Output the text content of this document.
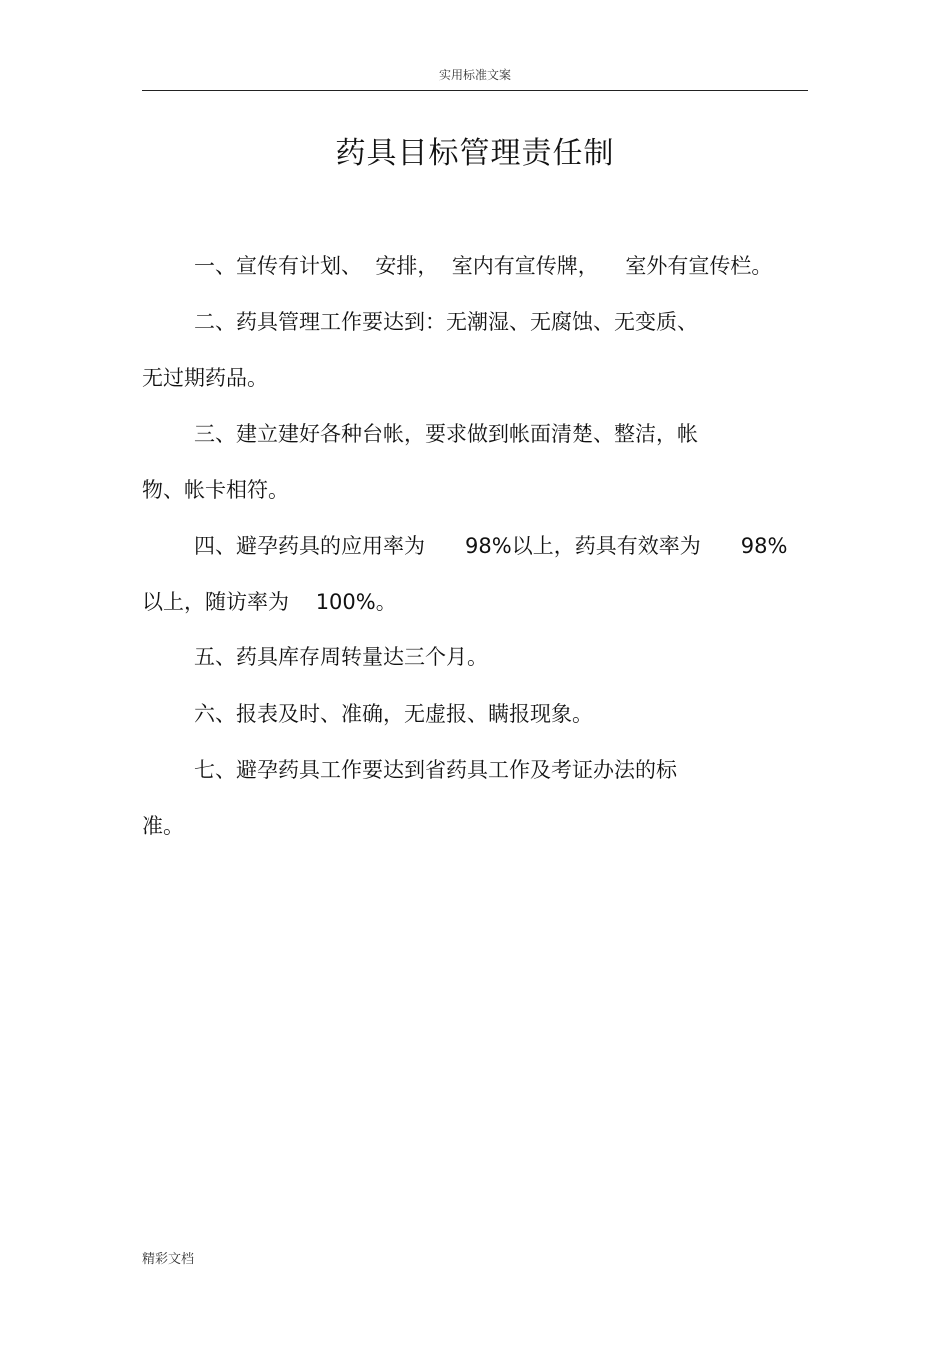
实用标准文案
药具目标管理责任制
一、宣传有计划、  安排，  室内有宣传牌，    室外有宣传栏。
二、药具管理工作要达到：无潮湿、无腐蚀、无变质、
无过期药品。
三、建立建好各种台帐，要求做到帐面清楚、整洁，帐
物、帐卡相符。
四、避孕药具的应用率为      98%以上，药具有效率为      98%
以上，随访率为    100%。
五、药具库存周转量达三个月。
六、报表及时、准确，无虚报、瞒报现象。
七、避孕药具工作要达到省药具工作及考证办法的标
准。
精彩文档
